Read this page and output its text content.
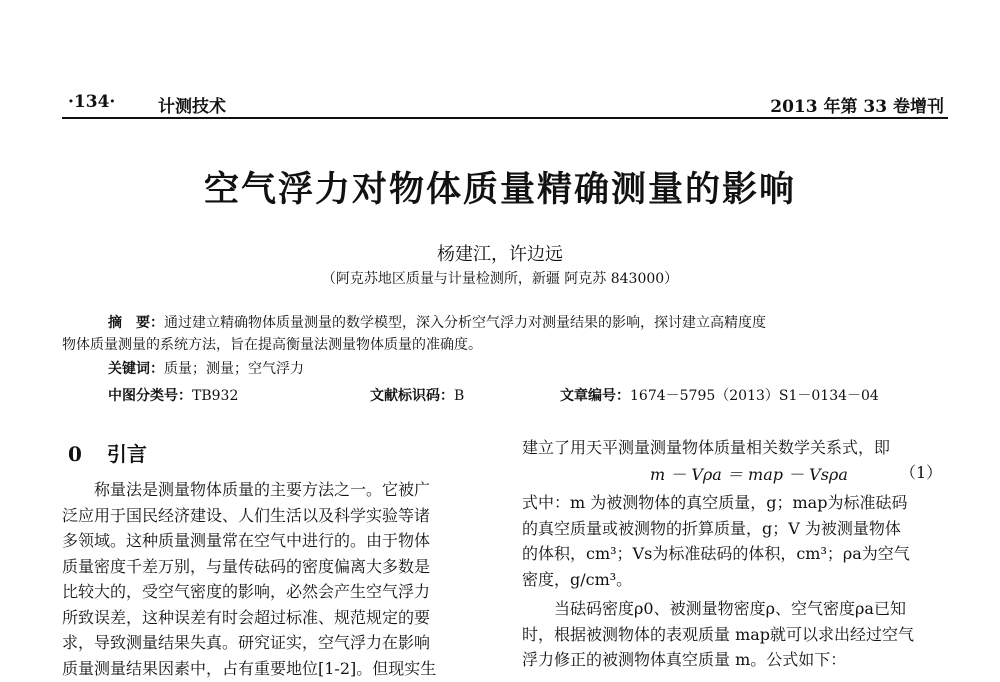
·134·	计测技术	2013 年第 33 卷增刊
空气浮力对物体质量精确测量的影响
杨建江，许边远
（阿克苏地区质量与计量检测所，新疆 阿克苏 843000）
摘　要：通过建立精确物体质量测量的数学模型，深入分析空气浮力对测量结果的影响，探讨建立高精度度
物体质量测量的系统方法，旨在提高衡量法测量物体质量的准确度。
关键词：质量；测量；空气浮力
中图分类号：TB932	文献标识码：B	文章编号：1674－5795（2013）S1－0134－04
0 引言
　　称量法是测量物体质量的主要方法之一。它被广
泛应用于国民经济建设、人们生活以及科学实验等诸
多领域。这种质量测量常在空气中进行的。由于物体
质量密度千差万别，与量传砝码的密度偏离大多数是
比较大的，受空气密度的影响，必然会产生空气浮力
所致误差，这种误差有时会超过标准、规范规定的要
求，导致测量结果失真。研究证实，空气浮力在影响
质量测量结果因素中，占有重要地位[1-2]。但现实生
建立了用天平测量测量物体质量相关数学关系式，即
m － Vρa ＝ map － Vsρa	（1）
式中：m 为被测物体的真空质量，g；map为标准砝码
的真空质量或被测物的折算质量，g；V 为被测量物体
的体积，cm³；Vs为标准砝码的体积，cm³；ρa为空气
密度，g/cm³。
　　当砝码密度ρ0、被测量物密度ρ、空气密度ρa已知
时，根据被测物体的表观质量 map就可以求出经过空气
浮力修正的被测物体真空质量 m。公式如下：
